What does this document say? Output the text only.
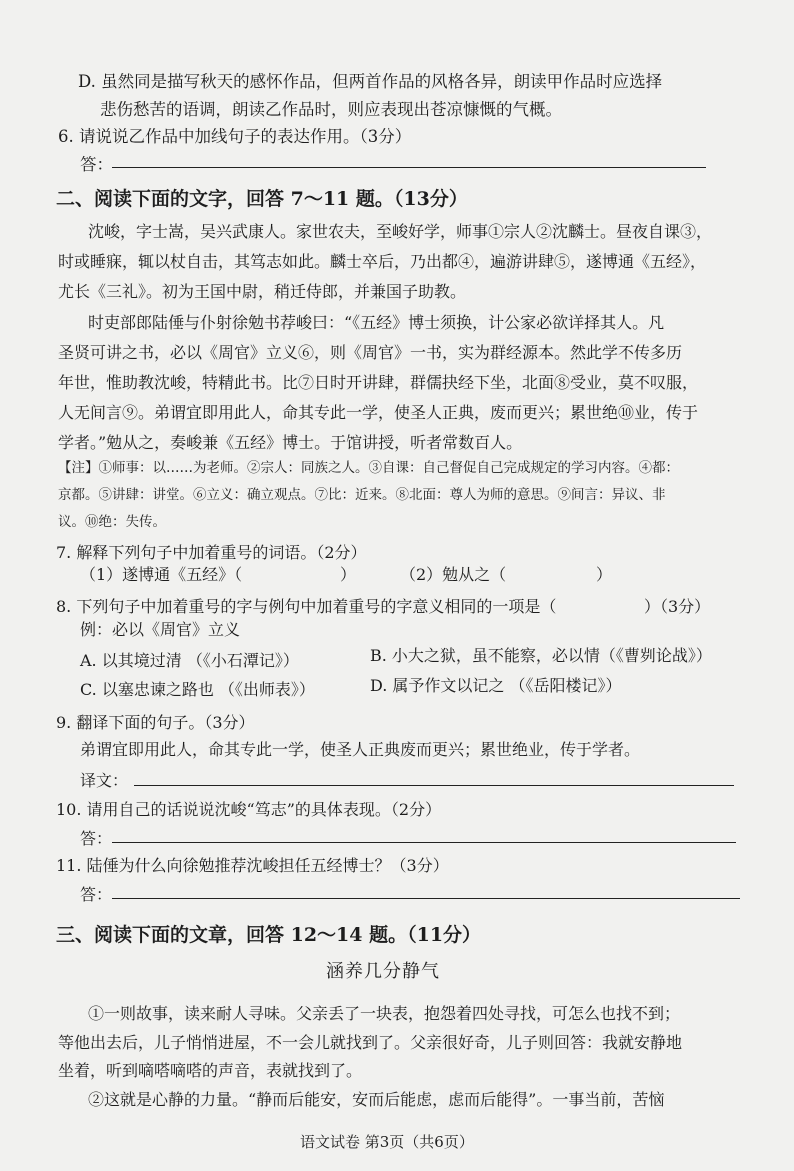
D. 虽然同是描写秋天的感怀作品，但两首作品的风格各异，朗读甲作品时应选择
悲伤愁苦的语调，朗读乙作品时，则应表现出苍凉慷慨的气概。
6. 请说说乙作品中加线句子的表达作用。（3分）
答：
二、阅读下面的文字，回答 7～11 题。（13分）
沈峻，字士嵩，吴兴武康人。家世农夫，至峻好学，师事①宗人②沈麟士。昼夜自课③，
时或睡寐，辄以杖自击，其笃志如此。麟士卒后，乃出都④，遍游讲肆⑤，遂博通《五经》，
尤长《三礼》。初为王国中尉，稍迁侍郎，并兼国子助教。
时吏部郎陆倕与仆射徐勉书荐峻曰：“《五经》博士须换，计公家必欲详择其人。凡
圣贤可讲之书，必以《周官》立义⑥，则《周官》一书，实为群经源本。然此学不传多历
年世，惟助教沈峻，特精此书。比⑦日时开讲肆，群儒抉经下坐，北面⑧受业，莫不叹服，
人无间言⑨。弟谓宜即用此人，命其专此一学，使圣人正典，废而更兴；累世绝⑩业，传于
学者。”勉从之，奏峻兼《五经》博士。于馆讲授，听者常数百人。
【注】①师事：以……为老师。②宗人：同族之人。③自课：自己督促自己完成规定的学习内容。④都：
京都。⑤讲肆：讲堂。⑥立义：确立观点。⑦比：近来。⑧北面：尊人为师的意思。⑨间言：异议、非
议。⑩绝：失传。
7. 解释下列句子中加着重号的词语。（2分）
（1）遂博通《五经》（	）	（2）勉从之（	）
8. 下列句子中加着重号的字与例句中加着重号的字意义相同的一项是（	）（3分）
例：必以《周官》立义
A. 以其境过清 （《小石潭记》）	B. 小大之狱，虽不能察，必以情（《曹刿论战》）
C. 以塞忠谏之路也 （《出师表》）	D. 属予作文以记之 （《岳阳楼记》）
9. 翻译下面的句子。（3分）
弟谓宜即用此人，命其专此一学，使圣人正典废而更兴；累世绝业，传于学者。
译文：
10. 请用自己的话说说沈峻“笃志”的具体表现。（2分）
答：
11. 陆倕为什么向徐勉推荐沈峻担任五经博士？（3分）
答：
三、阅读下面的文章，回答 12～14 题。（11分）
涵养几分静气
①一则故事，读来耐人寻味。父亲丢了一块表，抱怨着四处寻找，可怎么也找不到；
等他出去后，儿子悄悄进屋，不一会儿就找到了。父亲很好奇，儿子则回答：我就安静地
坐着，听到嘀嗒嘀嗒的声音，表就找到了。
②这就是心静的力量。“静而后能安，安而后能虑，虑而后能得”。一事当前，苦恼
语文试卷 第3页（共6页）
